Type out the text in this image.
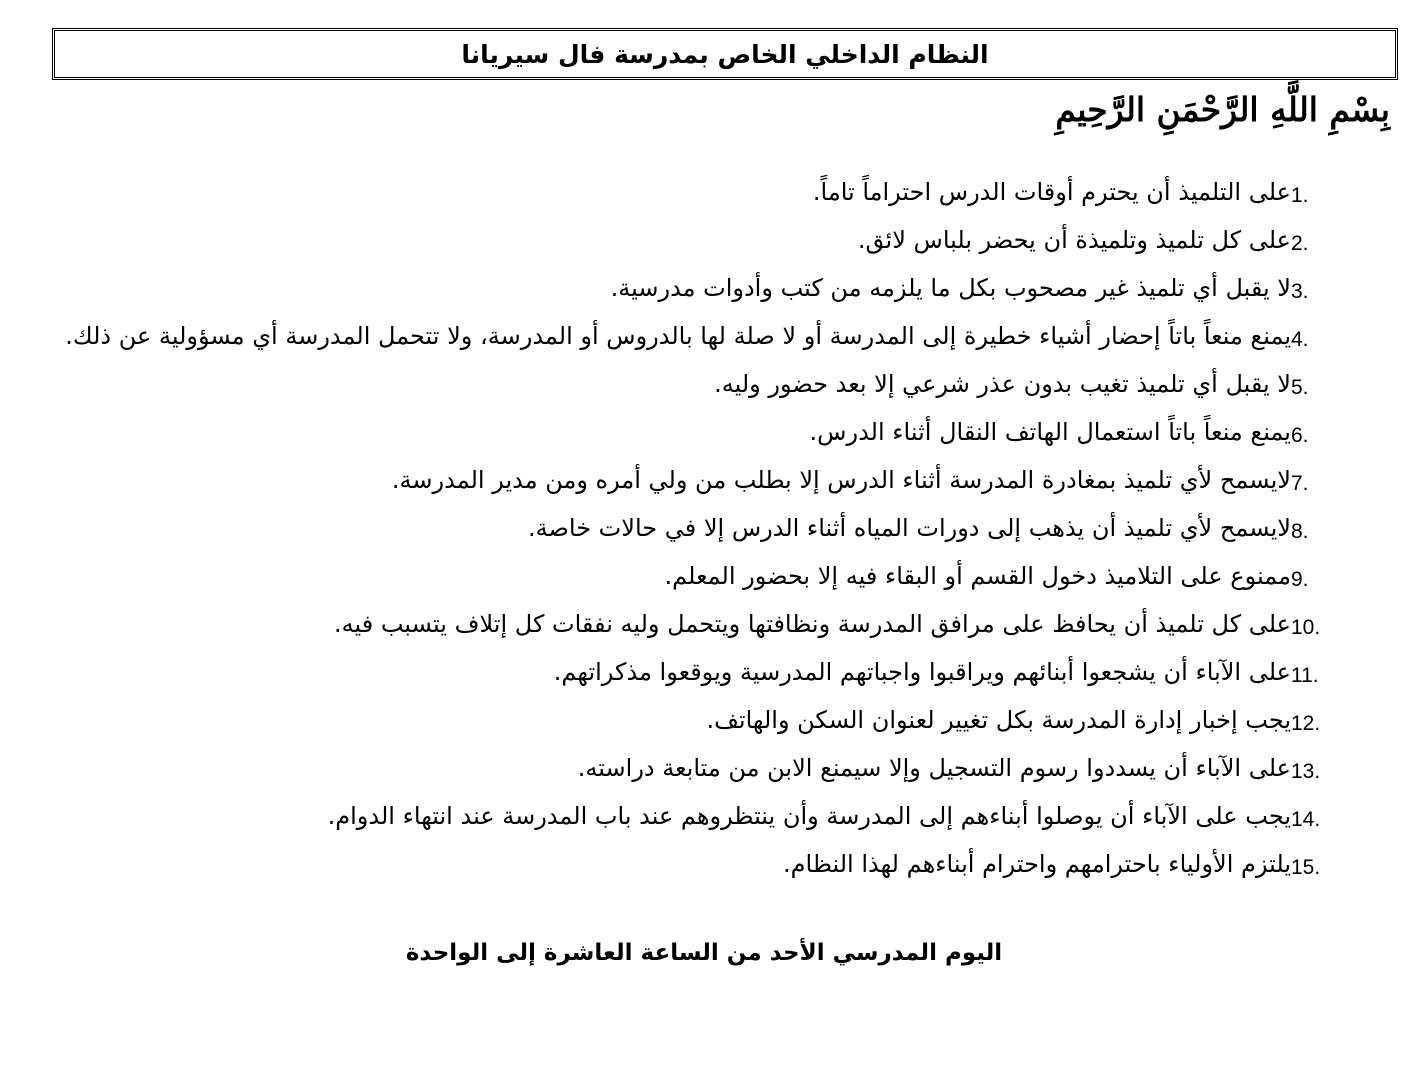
النظام الداخلي الخاص بمدرسة فال سيريانا
بِسْمِ اللَّهِ الرَّحْمَنِ الرَّحِيمِ
1.
على التلميذ أن يحترم أوقات الدرس احتراماً تاماً.
2.
على كل تلميذ وتلميذة أن يحضر بلباس لائق.
3.
لا يقبل أي تلميذ غير مصحوب بكل ما يلزمه من كتب وأدوات مدرسية.
4.
يمنع منعاً باتاً إحضار أشياء خطيرة إلى المدرسة أو لا صلة لها بالدروس أو المدرسة، ولا تتحمل المدرسة أي مسؤولية عن ذلك.
5.
لا يقبل أي تلميذ تغيب بدون عذر شرعي إلا بعد حضور وليه.
6.
يمنع منعاً باتاً استعمال الهاتف النقال أثناء الدرس.
7.
لايسمح لأي تلميذ بمغادرة المدرسة أثناء الدرس إلا بطلب من ولي أمره ومن مدير المدرسة.
8.
لايسمح لأي تلميذ أن يذهب إلى دورات المياه أثناء الدرس إلا في حالات خاصة.
9.
ممنوع على التلاميذ دخول القسم أو البقاء فيه إلا بحضور المعلم.
10.
على كل تلميذ أن يحافظ على مرافق المدرسة ونظافتها ويتحمل وليه نفقات كل إتلاف يتسبب فيه.
11.
على الآباء أن يشجعوا أبنائهم ويراقبوا واجباتهم المدرسية ويوقعوا مذكراتهم.
12.
يجب إخبار إدارة المدرسة بكل تغيير لعنوان السكن والهاتف.
13.
على الآباء أن يسددوا رسوم التسجيل وإلا سيمنع الابن من متابعة دراسته.
14.
يجب على الآباء أن يوصلوا أبناءهم إلى المدرسة وأن ينتظروهم عند باب المدرسة عند انتهاء الدوام.
15.
يلتزم الأولياء باحترامهم واحترام أبناءهم لهذا النظام.
اليوم المدرسي الأحد من الساعة العاشرة إلى الواحدة
